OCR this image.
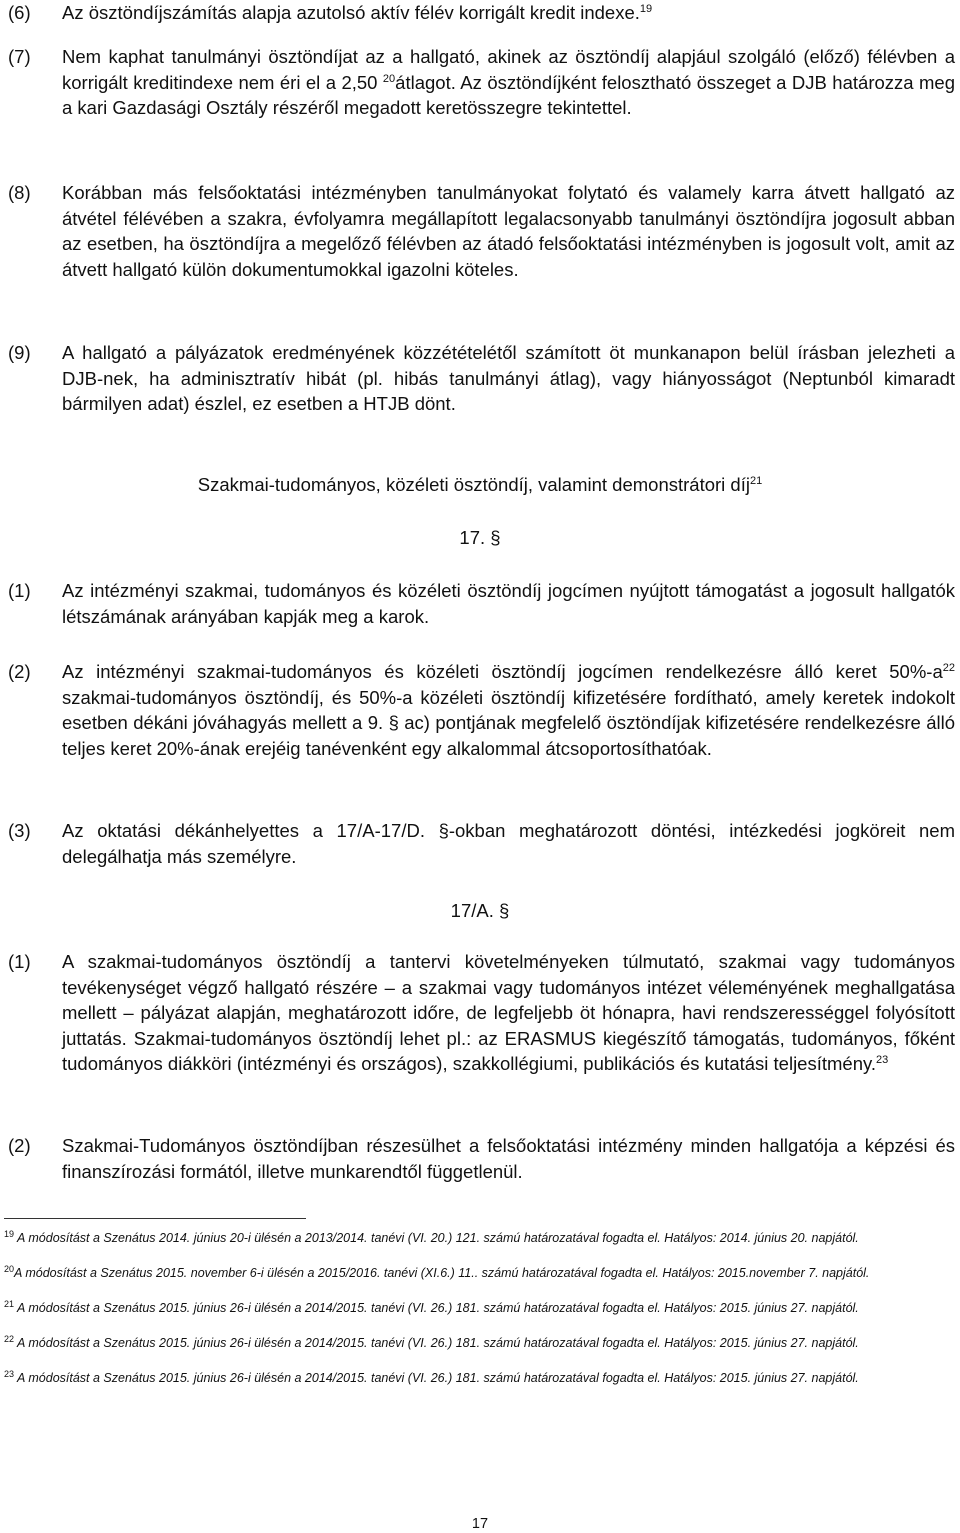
(6) Az ösztöndíjszámítás alapja azutolsó aktív félév korrigált kredit indexe.$^{19}$
(7) Nem kaphat tanulmányi ösztöndíjat az a hallgató, akinek az ösztöndíj alapjául szolgáló (előző) félévben a korrigált kreditindexe nem éri el a 2,50 $^{20}$átlagot. Az ösztöndíjként felosztható összeget a DJB határozza meg a kari Gazdasági Osztály részéről megadott keretösszegre tekintettel.
(8) Korábban más felsőoktatási intézményben tanulmányokat folytató és valamely karra átvett hallgató az átvétel félévében a szakra, évfolyamra megállapított legalacsonyabb tanulmányi ösztöndíjra jogosult abban az esetben, ha ösztöndíjra a megelőző félévben az átadó felsőoktatási intézményben is jogosult volt, amit az átvett hallgató külön dokumentumokkal igazolni köteles.
(9) A hallgató a pályázatok eredményének közzétételétől számított öt munkanapon belül írásban jelezheti a DJB-nek, ha adminisztratív hibát (pl. hibás tanulmányi átlag), vagy hiányosságot (Neptunból kimaradt bármilyen adat) észlel, ez esetben a HTJB dönt.
Szakmai-tudományos, közéleti ösztöndíj, valamint demonstrátori díj$^{21}$
17. §
(1) Az intézményi szakmai, tudományos és közéleti ösztöndíj jogcímen nyújtott támogatást a jogosult hallgatók létszámának arányában kapják meg a karok.
(2) Az intézményi szakmai-tudományos és közéleti ösztöndíj jogcímen rendelkezésre álló keret $50\%-a^{22}$ szakmai-tudományos ösztöndíj, és 50%-a közéleti ösztöndíj kifizetésére fordítható, amely keretek indokolt esetben dékáni jóváhagyás mellett a 9. § ac) pontjának megfelelő ösztöndíjak kifizetésére rendelkezésre álló teljes keret 20%-ának erejéig tanévenként egy alkalommal átcsoportosíthatóak.
(3) Az oktatási dékánhelyettes a 17/A-17/D. §-okban meghatározott döntési, intézkedési jogköreit nem delegálhatja más személyre.
17/A. §
(1) A szakmai-tudományos ösztöndíj a tantervi követelményeken túlmutató, szakmai vagy tudományos tevékenységet végző hallgató részére – a szakmai vagy tudományos intézet véleményének meghallgatása mellett – pályázat alapján, meghatározott időre, de legfeljebb öt hónapra, havi rendszerességgel folyósított juttatás. Szakmai-tudományos ösztöndíj lehet pl.: az ERASMUS kiegészítő támogatás, tudományos, főként tudományos diákköri (intézményi és országos), szakkollégiumi, publikációs és kutatási teljesítmény.$^{23}$
(2) Szakmai-Tudományos ösztöndíjban részesülhet a felsőoktatási intézmény minden hallgatója a képzési és finanszírozási formától, illetve munkarendtől függetlenül.
$^{19}$ A módosítást a Szenátus 2014. június 20-i ülésén a 2013/2014. tanévi (VI. 20.) 121. számú határozatával fogadta el. Hatályos: 2014. június 20. napjától.
$^{20}$A módosítást a Szenátus 2015. november 6-i ülésén a 2015/2016. tanévi (XI.6.) 11.. számú határozatával fogadta el. Hatályos: 2015.november 7. napjától.
$^{21}$ A módosítást a Szenátus 2015. június 26-i ülésén a 2014/2015. tanévi (VI. 26.) 181. számú határozatával fogadta el. Hatályos: 2015. június 27. napjától.
$^{22}$ A módosítást a Szenátus 2015. június 26-i ülésén a 2014/2015. tanévi (VI. 26.) 181. számú határozatával fogadta el. Hatályos: 2015. június 27. napjától.
$^{23}$ A módosítást a Szenátus 2015. június 26-i ülésén a 2014/2015. tanévi (VI. 26.) 181. számú határozatával fogadta el. Hatályos: 2015. június 27. napjától.
17
